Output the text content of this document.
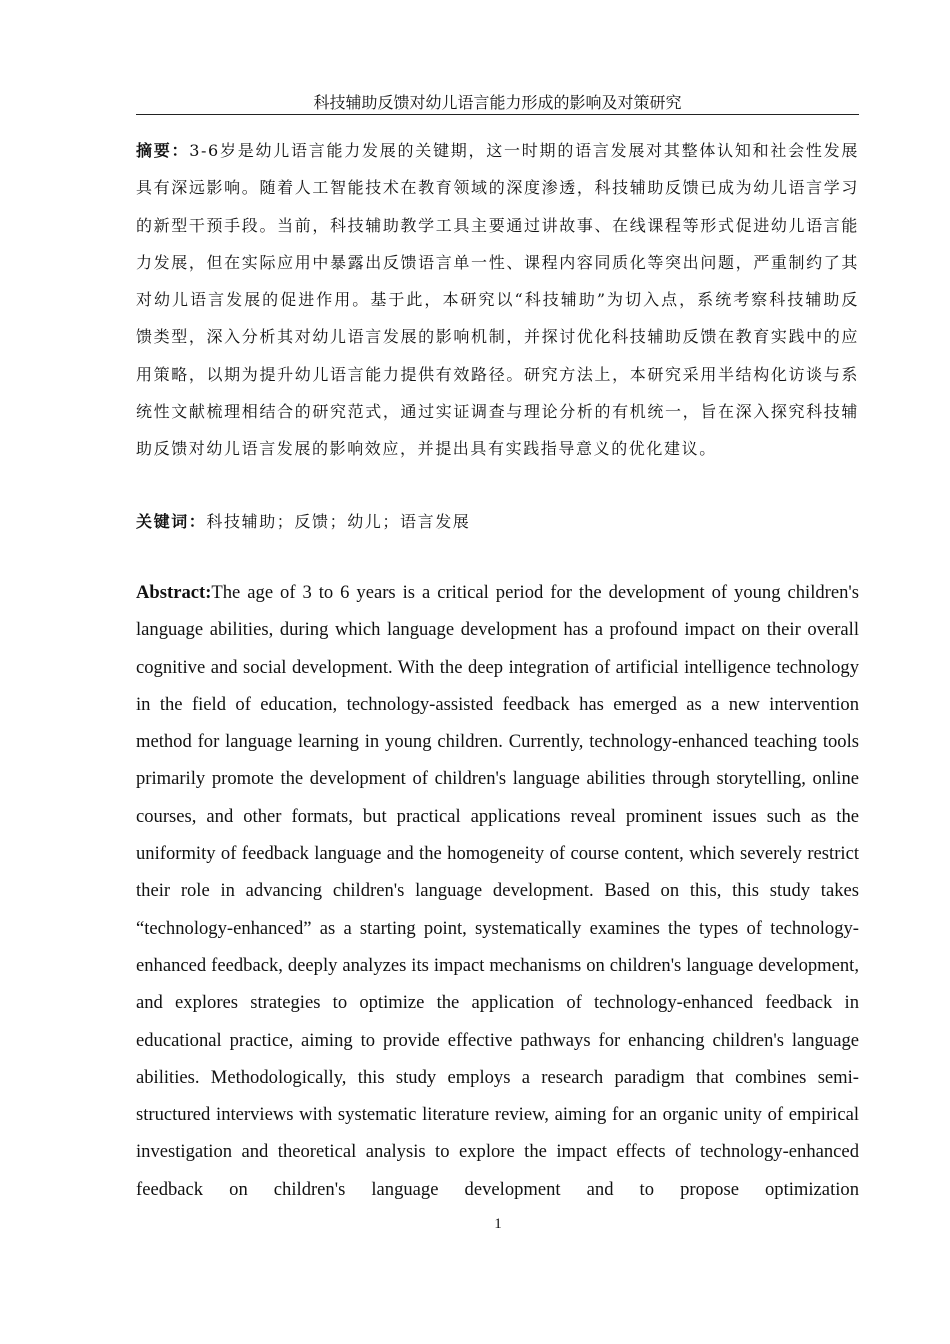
科技辅助反馈对幼儿语言能力形成的影响及对策研究

摘要：3-6岁是幼儿语言能力发展的关键期，这一时期的语言发展对其整体认知和社会性发展具有深远影响。随着人工智能技术在教育领域的深度渗透，科技辅助反馈已成为幼儿语言学习的新型干预手段。当前，科技辅助教学工具主要通过讲故事、在线课程等形式促进幼儿语言能力发展，但在实际应用中暴露出反馈语言单一性、课程内容同质化等突出问题，严重制约了其对幼儿语言发展的促进作用。基于此，本研究以“科技辅助”为切入点，系统考察科技辅助反馈类型，深入分析其对幼儿语言发展的影响机制，并探讨优化科技辅助反馈在教育实践中的应用策略，以期为提升幼儿语言能力提供有效路径。研究方法上，本研究采用半结构化访谈与系统性文献梳理相结合的研究范式，通过实证调查与理论分析的有机统一，旨在深入探究科技辅助反馈对幼儿语言发展的影响效应，并提出具有实践指导意义的优化建议。

关键词：科技辅助；反馈；幼儿；语言发展

Abstract:The age of 3 to 6 years is a critical period for the development of young children's language abilities, during which language development has a profound impact on their overall cognitive and social development. With the deep integration of artificial intelligence technology in the field of education, technology-assisted feedback has emerged as a new intervention method for language learning in young children. Currently, technology-enhanced teaching tools primarily promote the development of children's language abilities through storytelling, online courses, and other formats, but practical applications reveal prominent issues such as the uniformity of feedback language and the homogeneity of course content, which severely restrict their role in advancing children's language development. Based on this, this study takes “technology-enhanced” as a starting point, systematically examines the types of technology-enhanced feedback, deeply analyzes its impact mechanisms on children's language development, and explores strategies to optimize the application of technology-enhanced feedback in educational practice, aiming to provide effective pathways for enhancing children's language abilities. Methodologically, this study employs a research paradigm that combines semi-structured interviews with systematic literature review, aiming for an organic unity of empirical investigation and theoretical analysis to explore the impact effects of technology-enhanced feedback on children's language development and to propose optimization

1
